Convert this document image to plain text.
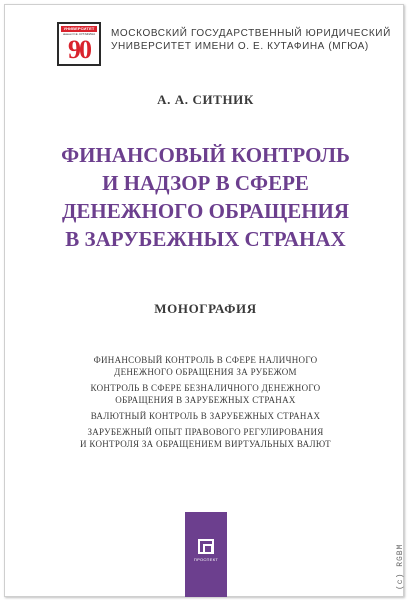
УНИВЕРСИТЕТ
имени О.Е. КУТАФИНА
90
МОСКОВСКИЙ ГОСУДАРСТВЕННЫЙ ЮРИДИЧЕСКИЙ
УНИВЕРСИТЕТ ИМЕНИ О. Е. КУТАФИНА (МГЮА)
А. А. СИТНИК
ФИНАНСОВЫЙ КОНТРОЛЬ
И НАДЗОР В СФЕРЕ
ДЕНЕЖНОГО ОБРАЩЕНИЯ
В ЗАРУБЕЖНЫХ СТРАНАХ
МОНОГРАФИЯ
ФИНАНСОВЫЙ КОНТРОЛЬ В СФЕРЕ НАЛИЧНОГО
ДЕНЕЖНОГО ОБРАЩЕНИЯ ЗА РУБЕЖОМ
КОНТРОЛЬ В СФЕРЕ БЕЗНАЛИЧНОГО ДЕНЕЖНОГО
ОБРАЩЕНИЯ В ЗАРУБЕЖНЫХ СТРАНАХ
ВАЛЮТНЫЙ КОНТРОЛЬ В ЗАРУБЕЖНЫХ СТРАНАХ
ЗАРУБЕЖНЫЙ ОПЫТ ПРАВОВОГО РЕГУЛИРОВАНИЯ
И КОНТРОЛЯ ЗА ОБРАЩЕНИЕМ ВИРТУАЛЬНЫХ ВАЛЮТ
ПРОСПЕКТ	(c) RGBM
